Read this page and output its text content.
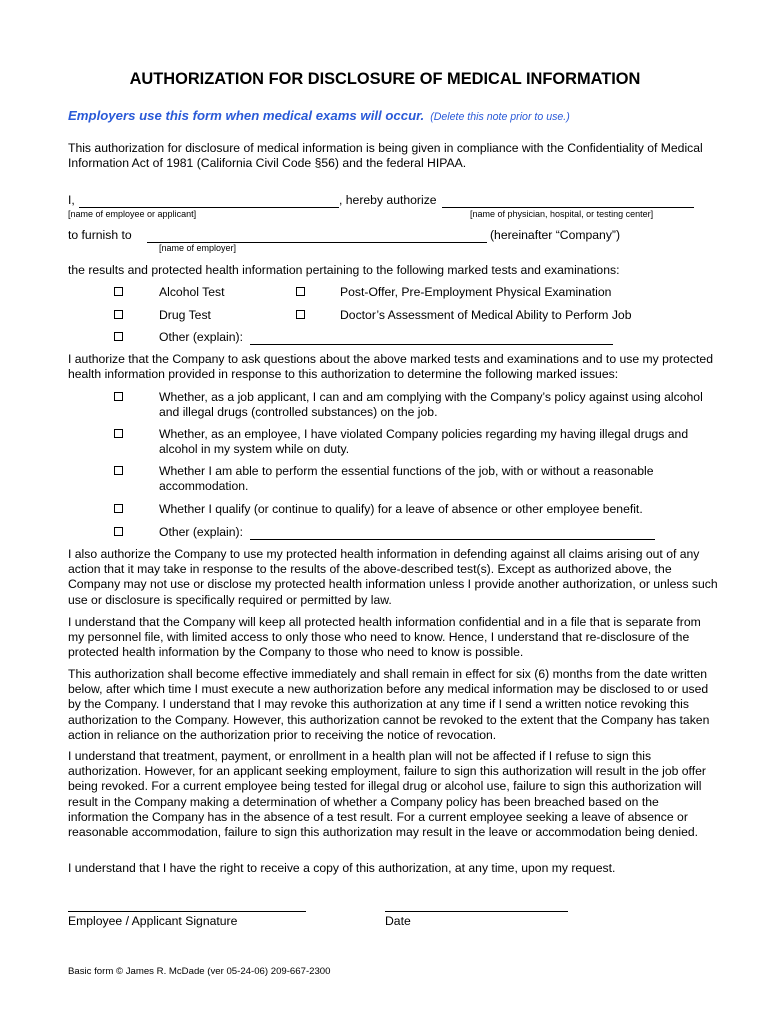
AUTHORIZATION FOR DISCLOSURE OF MEDICAL INFORMATION
Employers use this form when medical exams will occur. (Delete this note prior to use.)
This authorization for disclosure of medical information is being given in compliance with the Confidentiality of Medical Information Act of 1981 (California Civil Code §56) and the federal HIPAA.
I,	, hereby authorize
[name of employee or applicant]	[name of physician, hospital, or testing center]
to furnish to	(hereinafter “Company”)
[name of employer]
the results and protected health information pertaining to the following marked tests and examinations:
Alcohol Test	Post-Offer, Pre-Employment Physical Examination
Drug Test	Doctor’s Assessment of Medical Ability to Perform Job
Other (explain):
I authorize that the Company to ask questions about the above marked tests and examinations and to use my protected health information provided in response to this authorization to determine the following marked issues:
Whether, as a job applicant, I can and am complying with the Company’s policy against using alcohol and illegal drugs (controlled substances) on the job.
Whether, as an employee, I have violated Company policies regarding my having illegal drugs and alcohol in my system while on duty.
Whether I am able to perform the essential functions of the job, with or without a reasonable accommodation.
Whether I qualify (or continue to qualify) for a leave of absence or other employee benefit.
Other (explain):
I also authorize the Company to use my protected health information in defending against all claims arising out of any action that it may take in response to the results of the above-described test(s). Except as authorized above, the Company may not use or disclose my protected health information unless I provide another authorization, or unless such use or disclosure is specifically required or permitted by law.
I understand that the Company will keep all protected health information confidential and in a file that is separate from my personnel file, with limited access to only those who need to know. Hence, I understand that re-disclosure of the protected health information by the Company to those who need to know is possible.
This authorization shall become effective immediately and shall remain in effect for six (6) months from the date written below, after which time I must execute a new authorization before any medical information may be disclosed to or used by the Company. I understand that I may revoke this authorization at any time if I send a written notice revoking this authorization to the Company. However, this authorization cannot be revoked to the extent that the Company has taken action in reliance on the authorization prior to receiving the notice of revocation.
I understand that treatment, payment, or enrollment in a health plan will not be affected if I refuse to sign this authorization. However, for an applicant seeking employment, failure to sign this authorization will result in the job offer being revoked. For a current employee being tested for illegal drug or alcohol use, failure to sign this authorization will result in the Company making a determination of whether a Company policy has been breached based on the information the Company has in the absence of a test result. For a current employee seeking a leave of absence or reasonable accommodation, failure to sign this authorization may result in the leave or accommodation being denied.
I understand that I have the right to receive a copy of this authorization, at any time, upon my request.
Employee / Applicant Signature	Date
Basic form © James R. McDade (ver 05-24-06) 209-667-2300
